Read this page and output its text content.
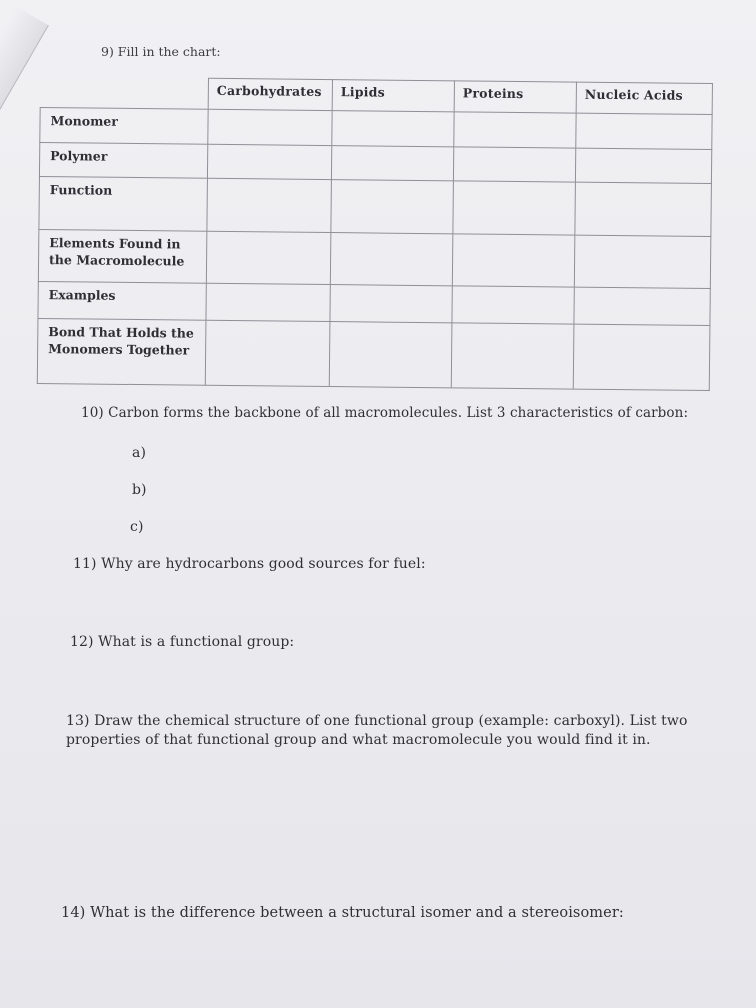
9) Fill in the chart:
	Carbohydrates	Lipids	Proteins	Nucleic Acids
Monomer				
Polymer				
Function				
Elements Found in the Macromolecule				
Examples				
Bond That Holds the Monomers Together				
10) Carbon forms the backbone of all macromolecules. List 3 characteristics of carbon:
a)
b)
c)
11) Why are hydrocarbons good sources for fuel:
12) What is a functional group:
13) Draw the chemical structure of one functional group (example: carboxyl). List two properties of that functional group and what macromolecule you would find it in.
14) What is the difference between a structural isomer and a stereoisomer:
